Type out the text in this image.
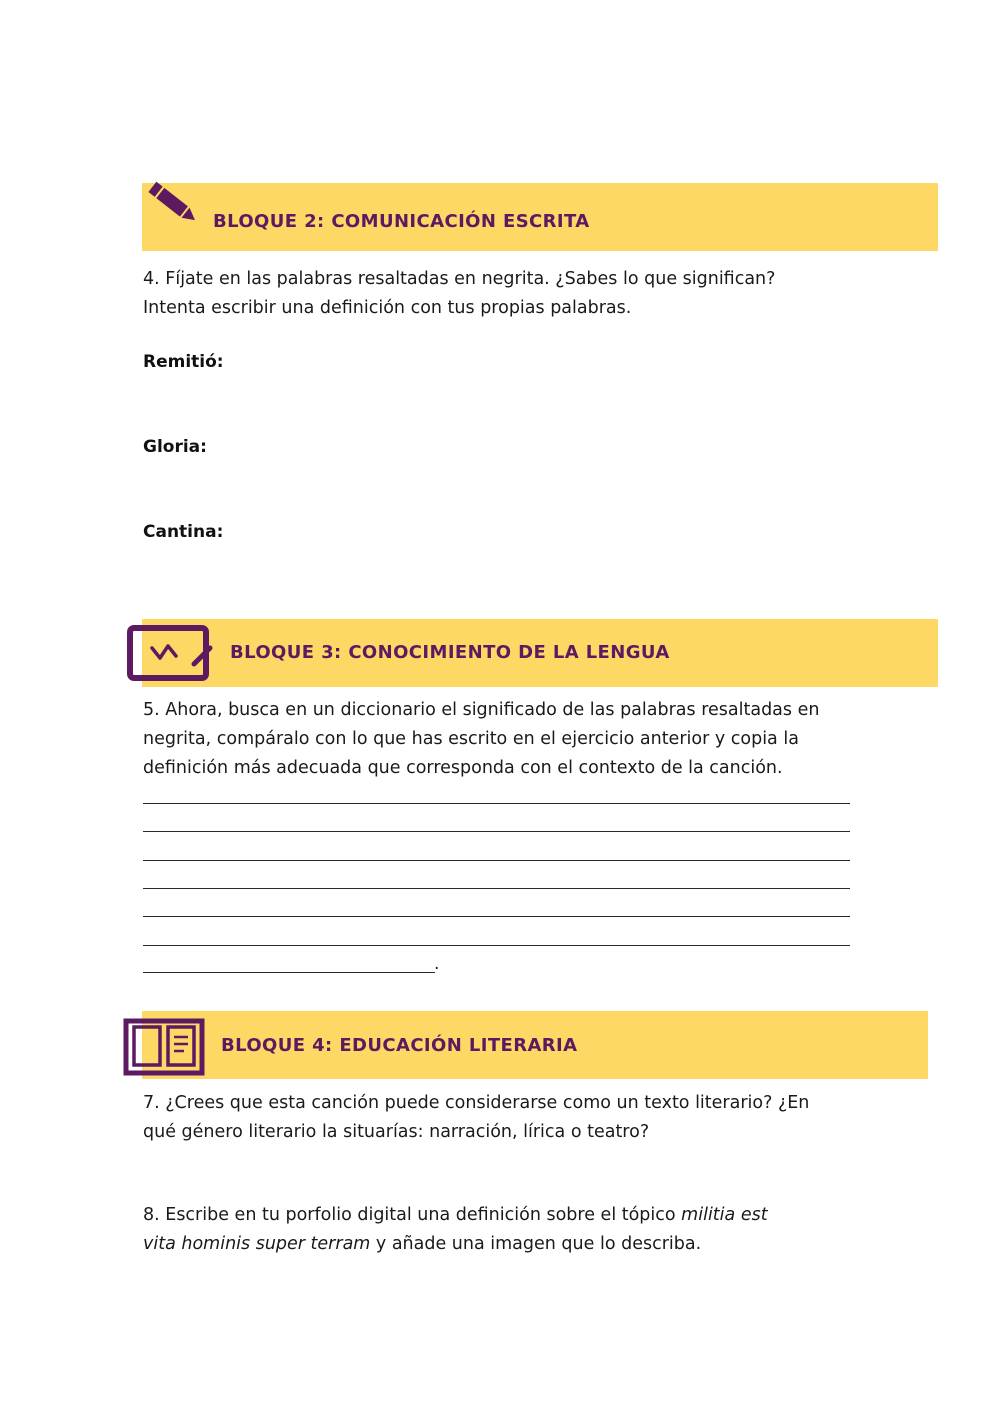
BLOQUE 2: COMUNICACIÓN ESCRITA

4. Fíjate en las palabras resaltadas en negrita. ¿Sabes lo que significan?

Intenta escribir una definición con tus propias palabras.

Remitió:
Gloria:
Cantina:
BLOQUE 3: CONOCIMIENTO DE LA LENGUA

5. Ahora, busca en un diccionario el significado de las palabras resaltadas en

negrita, compáralo con lo que has escrito en el ejercicio anterior y copia la

definición más adecuada que corresponda con el contexto de la canción.

.
BLOQUE 4: EDUCACIÓN LITERARIA

7. ¿Crees que esta canción puede considerarse como un texto literario? ¿En

qué género literario la situarías: narración, lírica o teatro?

8. Escribe en tu porfolio digital una definición sobre el tópico militia est

vita hominis super terram y añade una imagen que lo describa.
